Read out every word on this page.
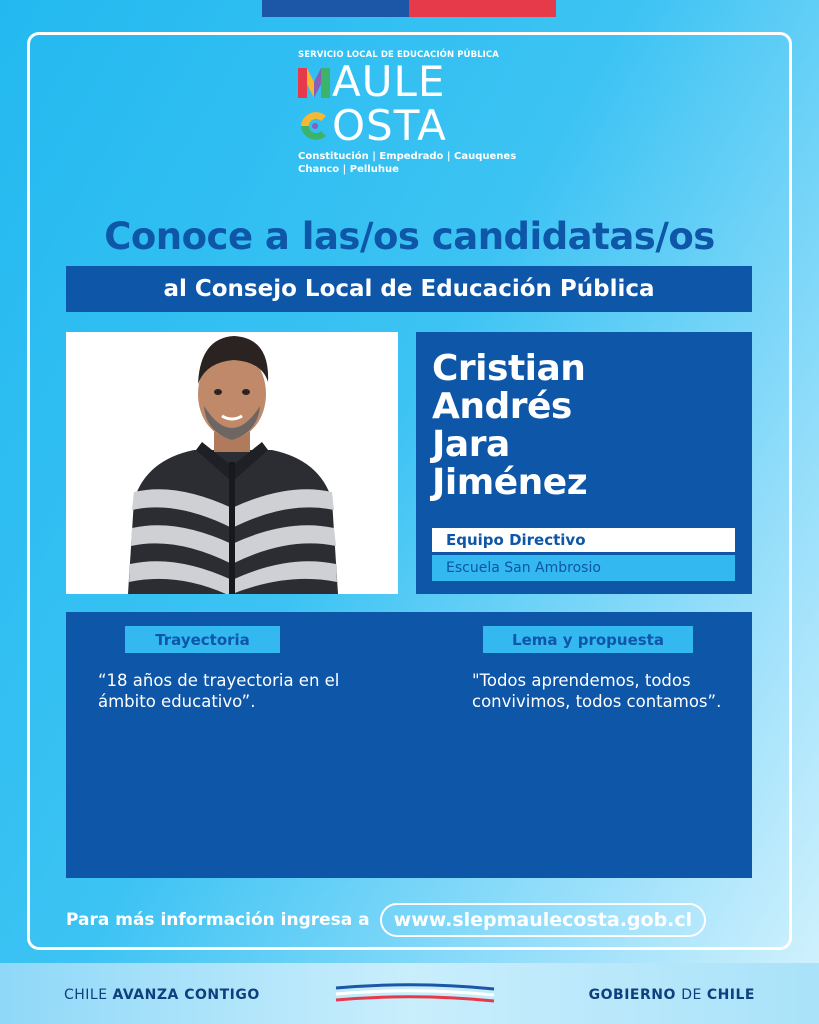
SERVICIO LOCAL DE EDUCACIÓN PÚBLICA
AULE
OSTA
Constitución | Empedrado | Cauquenes
Chanco | Pelluhue
Conoce a las/os candidatas/os
al Consejo Local de Educación Pública
Cristian
Andrés
Jara
Jiménez
Equipo Directivo
Escuela San Ambrosio
Trayectoria	Lema y propuesta
“18 años de trayectoria en el ámbito educativo”.
"Todos aprendemos, todos convivimos, todos contamos”.
Para más información ingresa a	www.slepmaulecosta.gob.cl
CHILE AVANZA CONTIGO	GOBIERNO DE CHILE
